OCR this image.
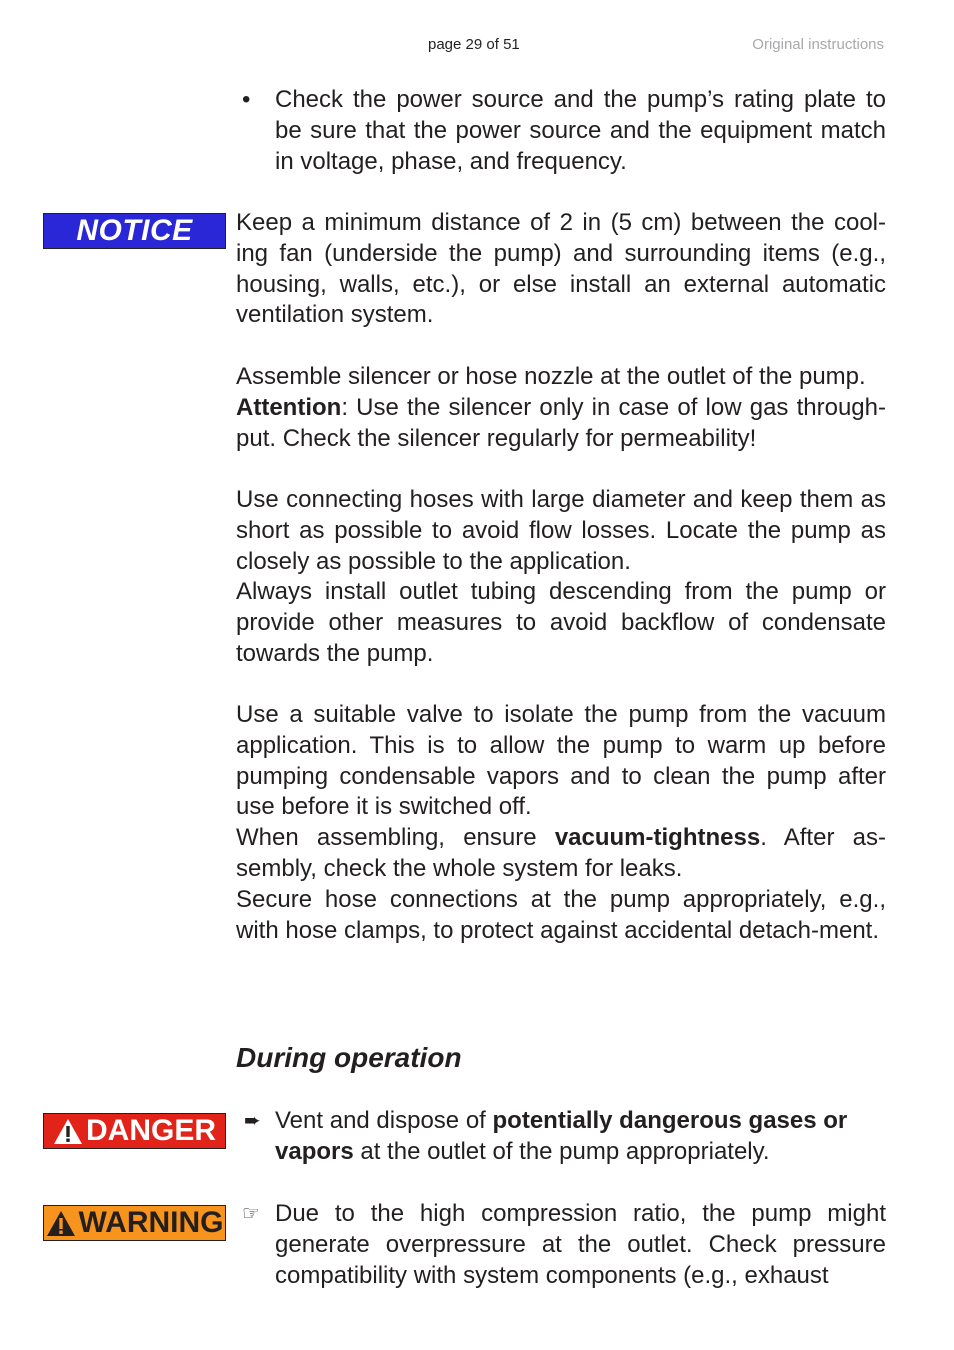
page 29 of 51	Original instructions
•	Check the power source and the pump’s rating plate to be sure that the power source and the equipment match in voltage, phase, and frequency.
NOTICE Keep a minimum distance of 2 in (5 cm) between the cool-ing fan (underside the pump) and surrounding items (e.g., housing, walls, etc.), or else install an external automatic ventilation system.

Assemble silencer or hose nozzle at the outlet of the pump.

Attention: Use the silencer only in case of low gas through-put. Check the silencer regularly for permeability!

Use connecting hoses with large diameter and keep them as short as possible to avoid flow losses. Locate the pump as closely as possible to the application.

Always install outlet tubing descending from the pump or provide other measures to avoid backflow of condensate towards the pump.

Use a suitable valve to isolate the pump from the vacuum application. This is to allow the pump to warm up before pumping condensable vapors and to clean the pump after use before it is switched off.

When assembling, ensure vacuum-tightness. After as-sembly, check the whole system for leaks.

Secure hose connections at the pump appropriately, e.g., with hose clamps, to protect against accidental detach-ment.

During operation
DANGER ➨ Vent and dispose of potentially dangerous gases or vapors at the outlet of the pump appropriately.
WARNING ☞ Due to the high compression ratio, the pump might generate overpressure at the outlet. Check pressure compatibility with system components (e.g., exhaust
